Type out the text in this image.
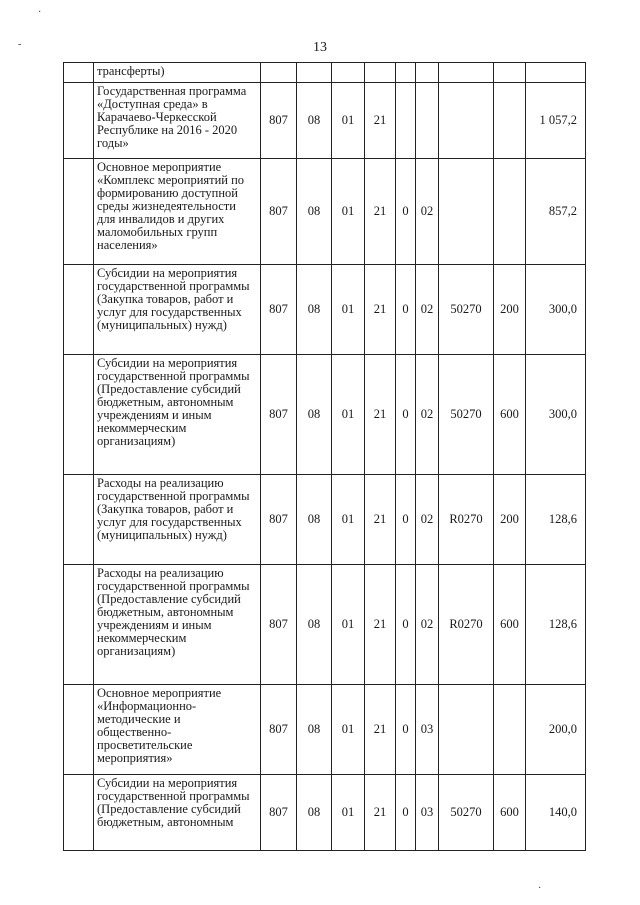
13
·
-
·
	трансферты)									
	Государственная программа «Доступная среда» в Карачаево-Черкесской Республике на 2016 - 2020 годы»	807	08	01	21					1 057,2
	Основное мероприятие «Комплекс мероприятий по формированию доступной среды жизнедеятельности для инвалидов и других маломобильных групп населения»	807	08	01	21	0	02			857,2
	Субсидии на мероприятия государственной программы (Закупка товаров, работ и услуг для государственных (муниципальных) нужд)	807	08	01	21	0	02	50270	200	300,0
	Субсидии на мероприятия государственной программы (Предоставление субсидий бюджетным, автономным учреждениям и иным некоммерческим организациям)	807	08	01	21	0	02	50270	600	300,0
	Расходы на реализацию государственной программы (Закупка товаров, работ и услуг для государственных (муниципальных) нужд)	807	08	01	21	0	02	R0270	200	128,6
	Расходы на реализацию государственной программы (Предоставление субсидий бюджетным, автономным учреждениям и иным некоммерческим организациям)	807	08	01	21	0	02	R0270	600	128,6
	Основное мероприятие «Информационно-методические и общественно-просветительские мероприятия»	807	08	01	21	0	03			200,0
	Субсидии на мероприятия государственной программы (Предоставление субсидий бюджетным, автономным	807	08	01	21	0	03	50270	600	140,0
